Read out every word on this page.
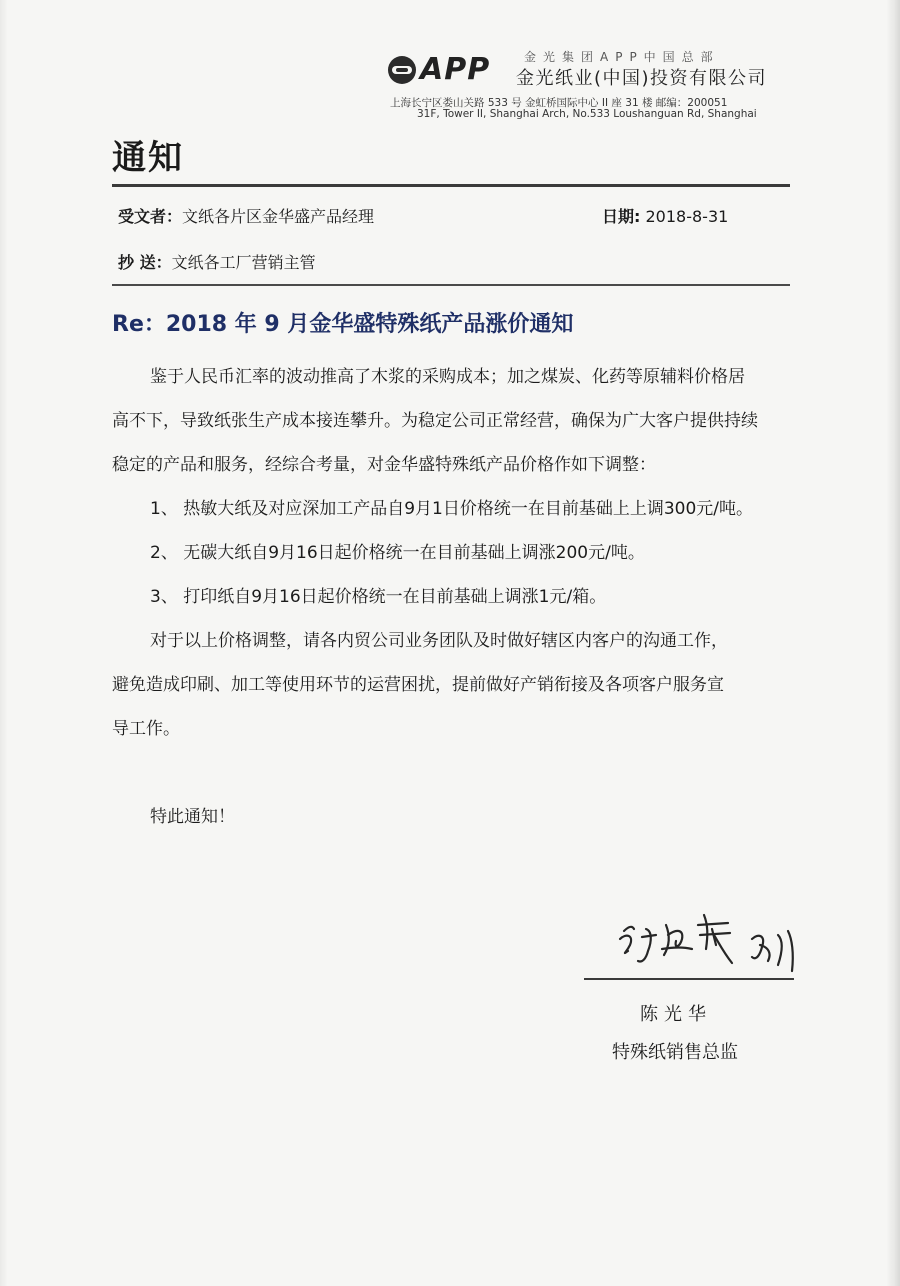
APP	金光集团APP中国总部
金光纸业(中国)投资有限公司
上海长宁区娄山关路 533 号 金虹桥国际中心 II 座 31 楼 邮编：200051
31F, Tower II, Shanghai Arch, No.533 Loushanguan Rd, Shanghai
通知
受文者：文纸各片区金华盛产品经理	日期: 2018-8-31
抄 送：文纸各工厂营销主管
Re：2018 年 9 月金华盛特殊纸产品涨价通知
鉴于人民币汇率的波动推高了木浆的采购成本；加之煤炭、化药等原辅料价格居
高不下，导致纸张生产成本接连攀升。为稳定公司正常经营，确保为广大客户提供持续
稳定的产品和服务，经综合考量，对金华盛特殊纸产品价格作如下调整：
1、 热敏大纸及对应深加工产品自9月1日价格统一在目前基础上上调300元/吨。
2、 无碳大纸自9月16日起价格统一在目前基础上调涨200元/吨。
3、 打印纸自9月16日起价格统一在目前基础上调涨1元/箱。
对于以上价格调整，请各内贸公司业务团队及时做好辖区内客户的沟通工作，
避免造成印刷、加工等使用环节的运营困扰，提前做好产销衔接及各项客户服务宣
导工作。
特此通知！
陈光华
特殊纸销售总监
